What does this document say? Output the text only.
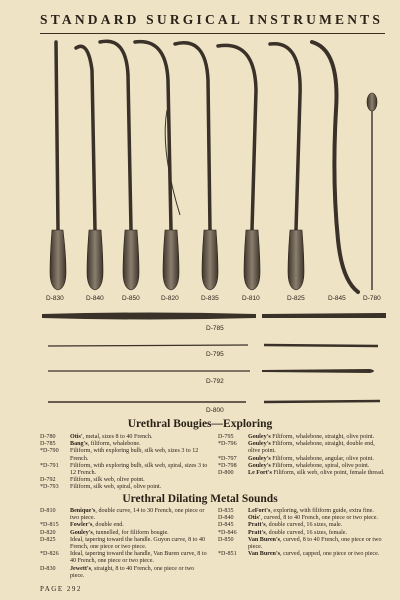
STANDARD SURGICAL INSTRUMENTS
D-830	D-840	D-850	D-820	D-835	D-810	D-825	D-845	D-780
D-785
D-795
D-792
D-800
Urethral Bougies—Exploring
D-780	Otis', metal, sizes 8 to 40 French.
D-785	Bang's, filiform, whalebone.
*D-790	Filiform, with exploring bulb, silk web, sizes 3 to 12 French.
*D-791	Filiform, with exploring bulb, silk web, spiral, sizes 3 to 12 French.
D-792	Filiform, silk web, olive point.
*D-793	Filiform, silk web, spiral, olive point.
D-795	Gouley's Filiform, whalebone, straight, olive point.
*D-796	Gouley's Filiform, whalebone, straight, double end, olive point.
*D-797	Gouley's Filiform, whalebone, angular, olive point.
*D-798	Gouley's Filiform, whalebone, spiral, olive point.
D-800	Le Fort's Filiform, silk web, olive point, female thread.
Urethral Dilating Metal Sounds
D-810	Benique's, double curve, 14 to 30 French, one piece or two piece.
*D-815	Fowler's, double end.
D-820	Gouley's, tunnelled, for filiform bougie.
D-825	Ideal, tapering toward the handle. Guyon curve, 8 to 40 French, one piece or two piece.
*D-826	Ideal, tapering toward the handle, Van Buren curve, 8 to 40 French, one piece or two piece.
D-830	Jewett's, straight, 8 to 40 French, one piece or two piece.
D-835	LeFort's, exploring, with filiform guide, extra fine.
D-840	Otis', curved, 8 to 40 French, one piece or two piece.
D-845	Pratt's, double curved, 16 sizes, male.
*D-846	Pratt's, double curved, 16 sizes, female.
D-850	Van Buren's, curved, 8 to 40 French, one piece or two piece.
*D-851	Van Buren's, curved, capped, one piece or two piece.
PAGE 292
